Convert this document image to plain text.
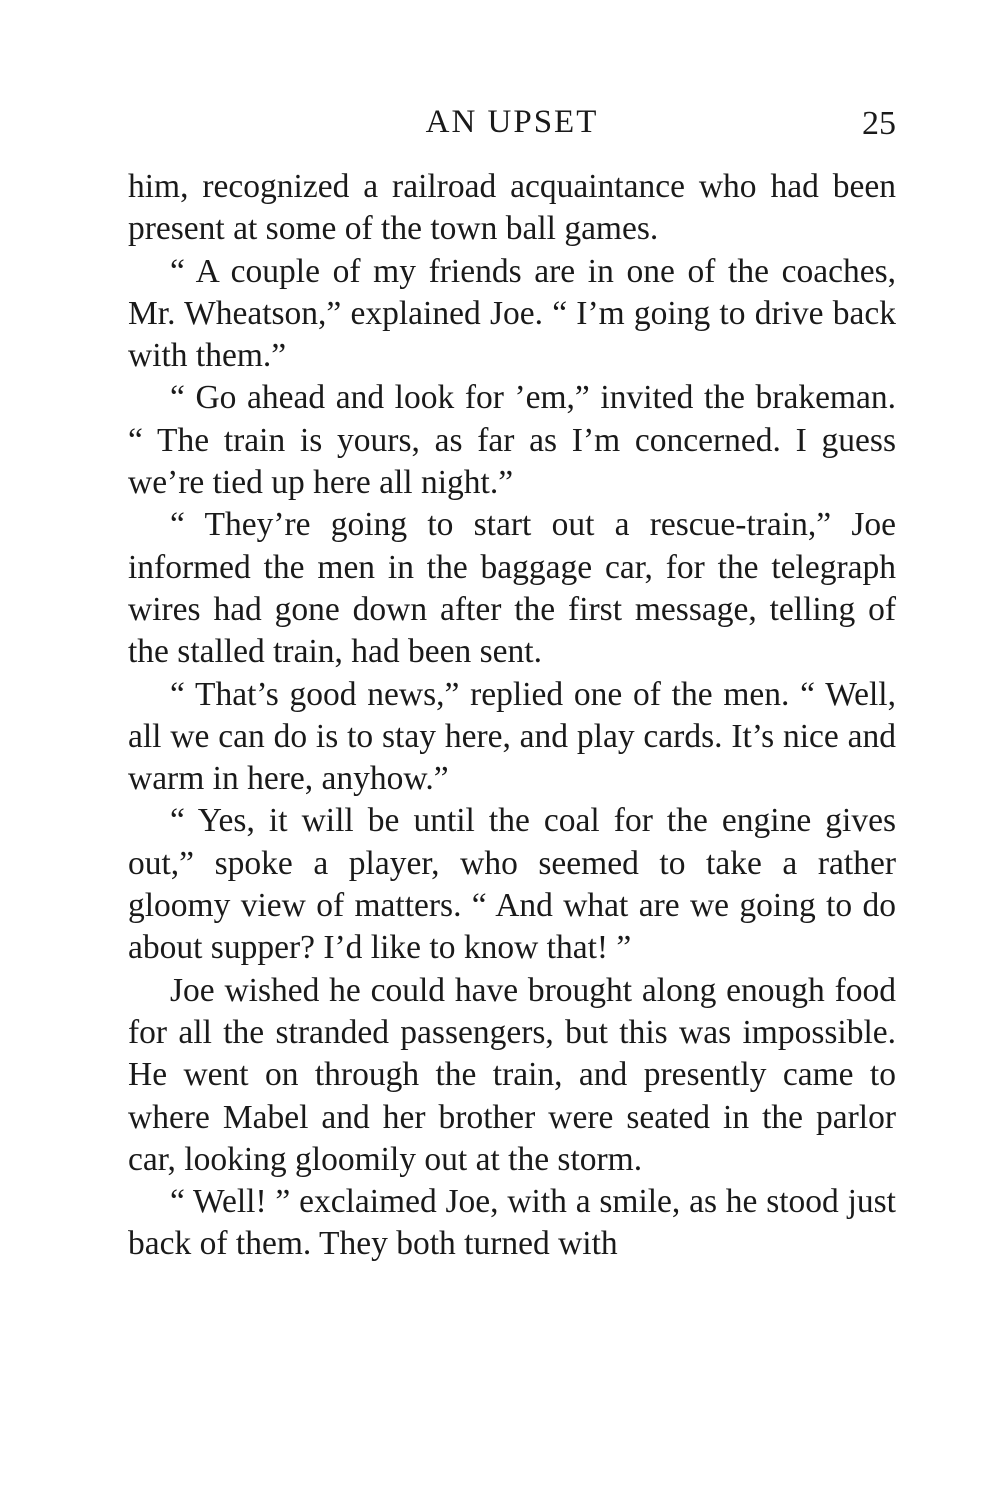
AN UPSET	25

him, recognized a railroad acquaintance who had been present at some of the town ball games.

“ A couple of my friends are in one of the coaches, Mr. Wheatson,” explained Joe. “ I’m going to drive back with them.”

“ Go ahead and look for ’em,” invited the brakeman. “ The train is yours, as far as I’m concerned. I guess we’re tied up here all night.”

“ They’re going to start out a rescue-train,” Joe informed the men in the baggage car, for the telegraph wires had gone down after the first message, telling of the stalled train, had been sent.

“ That’s good news,” replied one of the men. “ Well, all we can do is to stay here, and play cards. It’s nice and warm in here, anyhow.”

“ Yes, it will be until the coal for the engine gives out,” spoke a player, who seemed to take a rather gloomy view of matters. “ And what are we going to do about supper? I’d like to know that! ”

Joe wished he could have brought along enough food for all the stranded passengers, but this was impossible. He went on through the train, and presently came to where Mabel and her brother were seated in the parlor car, looking gloomily out at the storm.

“ Well! ” exclaimed Joe, with a smile, as he stood just back of them. They both turned with
